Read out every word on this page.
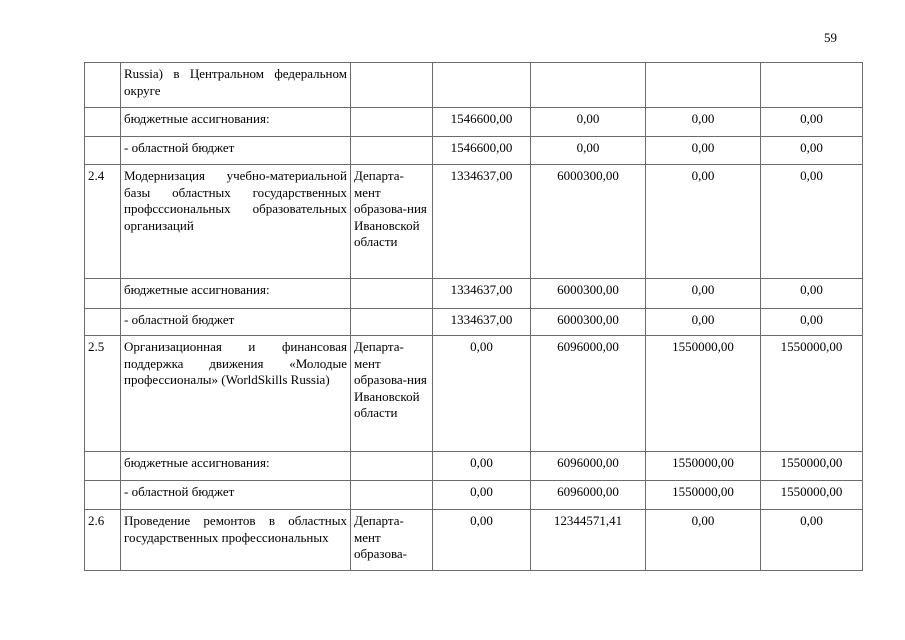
59
	Russia) в Центральном федеральном округе					
	бюджетные ассигнования:		1546600,00	0,00	0,00	0,00
	- областной бюджет		1546600,00	0,00	0,00	0,00
2.4	Модернизация учебно-материальной базы областных государственных профсссиональных образовательных организаций	Департа-мент образова-ния Ивановской области	1334637,00	6000300,00	0,00	0,00
	бюджетные ассигнования:		1334637,00	6000300,00	0,00	0,00
	- областной бюджет		1334637,00	6000300,00	0,00	0,00
2.5	Организационная и финансовая поддержка движения «Молодые профессионалы» (WorldSkills Russia)	Департа-мент образова-ния Ивановской области	0,00	6096000,00	1550000,00	1550000,00
	бюджетные ассигнования:		0,00	6096000,00	1550000,00	1550000,00
	- областной бюджет		0,00	6096000,00	1550000,00	1550000,00
2.6	Проведение ремонтов в областных государственных профессиональных	Департа-мент образова-	0,00	12344571,41	0,00	0,00
